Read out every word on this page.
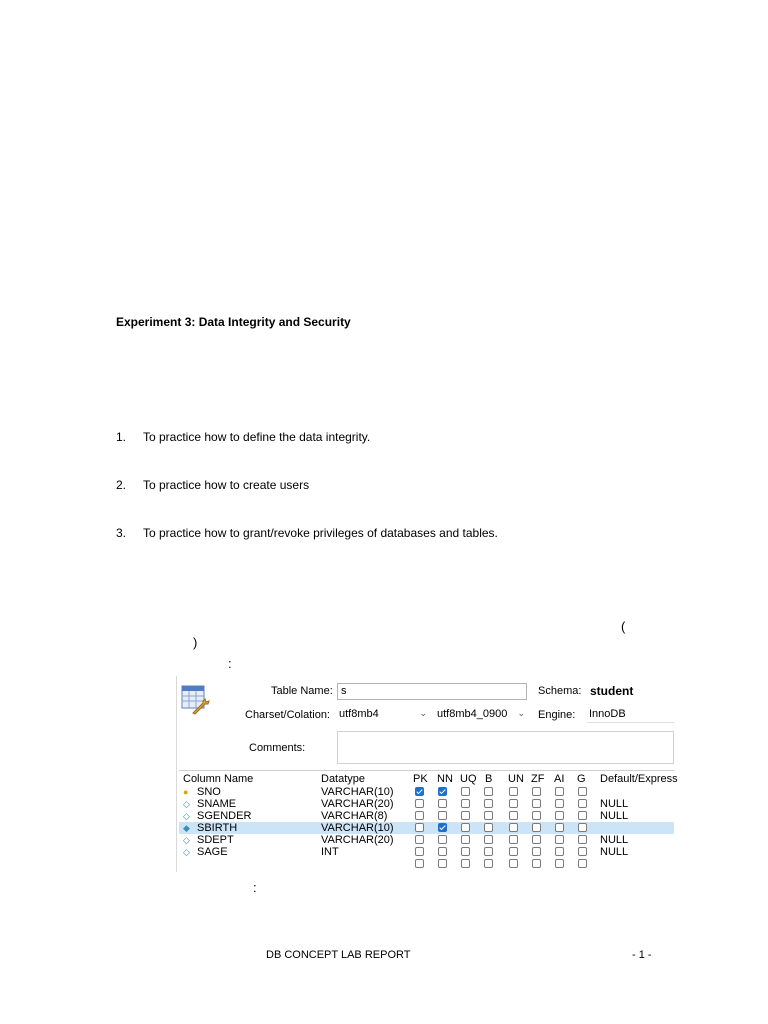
Experiment 3: Data Integrity and Security
1. To practice how to define the data integrity.
2. To practice how to create users
3. To practice how to grant/revoke privileges of databases and tables.
(
)
:
Table Name: s	Schema: student
Charset/Colation: utf8mb4	⌄ utf8mb4_0900 ⌄ Engine: InnoDB
Comments:
Column Name	Datatype	PK NN UQ B UN ZF AI G Default/Express
● SNO	VARCHAR(10)
◇ SNAME	VARCHAR(20)	NULL
◇ SGENDER	VARCHAR(8)	NULL
◆ SBIRTH	VARCHAR(10)
◇ SDEPT	VARCHAR(20)	NULL
◇ SAGE	INT	NULL
:
DB CONCEPT LAB REPORT	- 1 -
